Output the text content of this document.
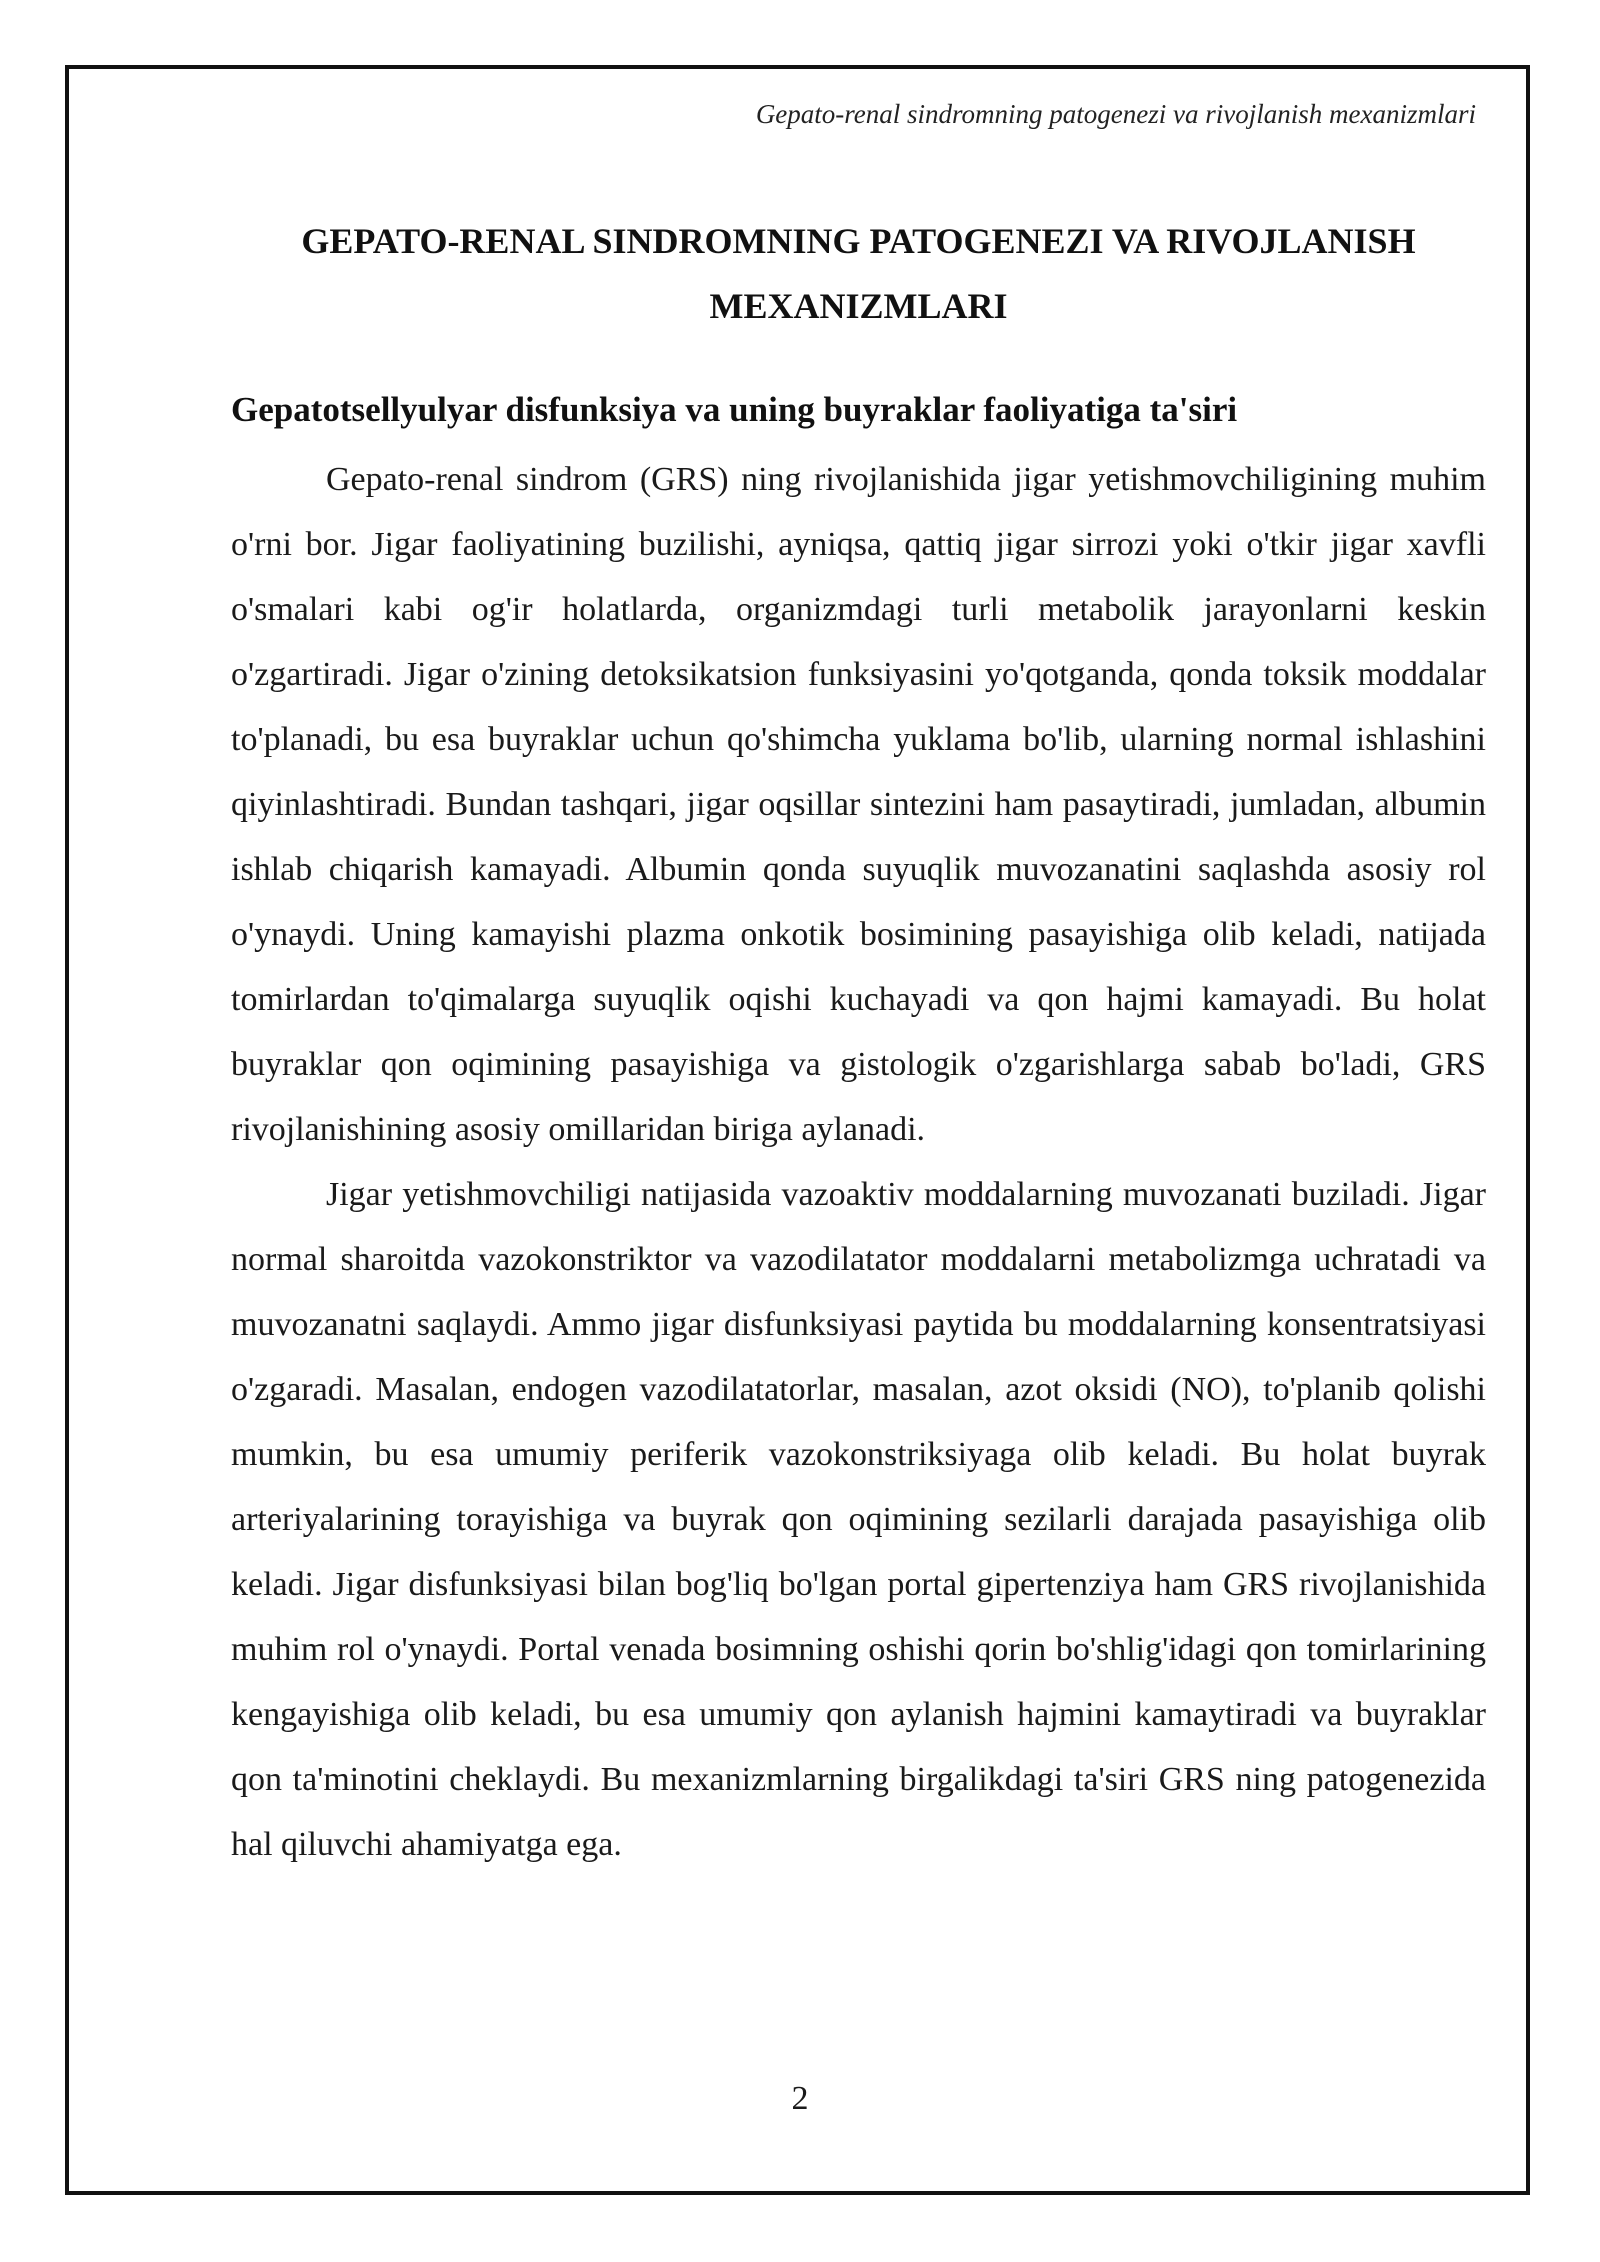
Gepato-renal sindromning patogenezi va rivojlanish mexanizmlari
GEPATO-RENAL SINDROMNING PATOGENEZI VA RIVOJLANISH MEXANIZMLARI
Gepatotsellyulyar disfunksiya va uning buyraklar faoliyatiga ta'siri

Gepato-renal sindrom (GRS) ning rivojlanishida jigar yetishmovchiligining muhim o'rni bor. Jigar faoliyatining buzilishi, ayniqsa, qattiq jigar sirrozi yoki o'tkir jigar xavfli o'smalari kabi og'ir holatlarda, organizmdagi turli metabolik jarayonlarni keskin o'zgartiradi. Jigar o'zining detoksikatsion funksiyasini yo'qotganda, qonda toksik moddalar to'planadi, bu esa buyraklar uchun qo'shimcha yuklama bo'lib, ularning normal ishlashini qiyinlashtiradi. Bundan tashqari, jigar oqsillar sintezini ham pasaytiradi, jumladan, albumin ishlab chiqarish kamayadi. Albumin qonda suyuqlik muvozanatini saqlashda asosiy rol o'ynaydi. Uning kamayishi plazma onkotik bosimining pasayishiga olib keladi, natijada tomirlardan to'qimalarga suyuqlik oqishi kuchayadi va qon hajmi kamayadi. Bu holat buyraklar qon oqimining pasayishiga va gistologik o'zgarishlarga sabab bo'ladi, GRS rivojlanishining asosiy omillaridan biriga aylanadi.

Jigar yetishmovchiligi natijasida vazoaktiv moddalarning muvozanati buziladi. Jigar normal sharoitda vazokonstriktor va vazodilatator moddalarni metabolizmga uchratadi va muvozanatni saqlaydi. Ammo jigar disfunksiyasi paytida bu moddalarning konsentratsiyasi o'zgaradi. Masalan, endogen vazodilatatorlar, masalan, azot oksidi (NO), to'planib qolishi mumkin, bu esa umumiy periferik vazokonstriksiyaga olib keladi. Bu holat buyrak arteriyalarining torayishiga va buyrak qon oqimining sezilarli darajada pasayishiga olib keladi. Jigar disfunksiyasi bilan bog'liq bo'lgan portal gipertenziya ham GRS rivojlanishida muhim rol o'ynaydi. Portal venada bosimning oshishi qorin bo'shlig'idagi qon tomirlarining kengayishiga olib keladi, bu esa umumiy qon aylanish hajmini kamaytiradi va buyraklar qon ta'minotini cheklaydi. Bu mexanizmlarning birgalikdagi ta'siri GRS ning patogenezida hal qiluvchi ahamiyatga ega.

2
